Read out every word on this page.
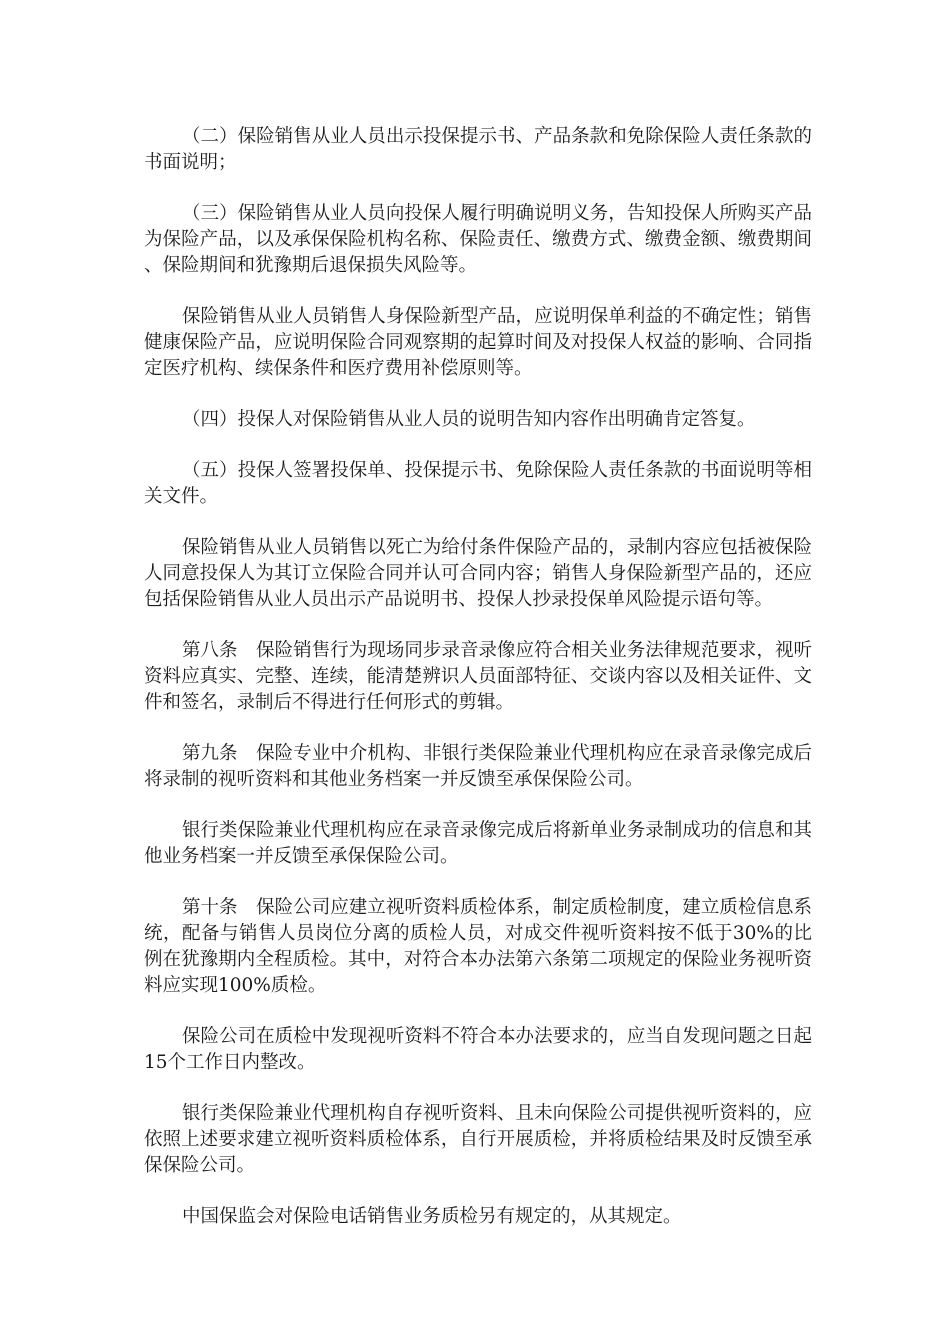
（二）保险销售从业人员出示投保提示书、产品条款和免除保险人责任条款的书面说明；

（三）保险销售从业人员向投保人履行明确说明义务，告知投保人所购买产品为保险产品，以及承保保险机构名称、保险责任、缴费方式、缴费金额、缴费期间、保险期间和犹豫期后退保损失风险等。

保险销售从业人员销售人身保险新型产品，应说明保单利益的不确定性；销售健康保险产品，应说明保险合同观察期的起算时间及对投保人权益的影响、合同指定医疗机构、续保条件和医疗费用补偿原则等。

（四）投保人对保险销售从业人员的说明告知内容作出明确肯定答复。

（五）投保人签署投保单、投保提示书、免除保险人责任条款的书面说明等相关文件。

保险销售从业人员销售以死亡为给付条件保险产品的，录制内容应包括被保险人同意投保人为其订立保险合同并认可合同内容；销售人身保险新型产品的，还应包括保险销售从业人员出示产品说明书、投保人抄录投保单风险提示语句等。

第八条　保险销售行为现场同步录音录像应符合相关业务法律规范要求，视听资料应真实、完整、连续，能清楚辨识人员面部特征、交谈内容以及相关证件、文件和签名，录制后不得进行任何形式的剪辑。

第九条　保险专业中介机构、非银行类保险兼业代理机构应在录音录像完成后将录制的视听资料和其他业务档案一并反馈至承保保险公司。

银行类保险兼业代理机构应在录音录像完成后将新单业务录制成功的信息和其他业务档案一并反馈至承保保险公司。

第十条　保险公司应建立视听资料质检体系，制定质检制度，建立质检信息系统，配备与销售人员岗位分离的质检人员，对成交件视听资料按不低于30%的比例在犹豫期内全程质检。其中，对符合本办法第六条第二项规定的保险业务视听资料应实现100%质检。

保险公司在质检中发现视听资料不符合本办法要求的，应当自发现问题之日起15个工作日内整改。

银行类保险兼业代理机构自存视听资料、且未向保险公司提供视听资料的，应依照上述要求建立视听资料质检体系，自行开展质检，并将质检结果及时反馈至承保保险公司。

中国保监会对保险电话销售业务质检另有规定的，从其规定。
